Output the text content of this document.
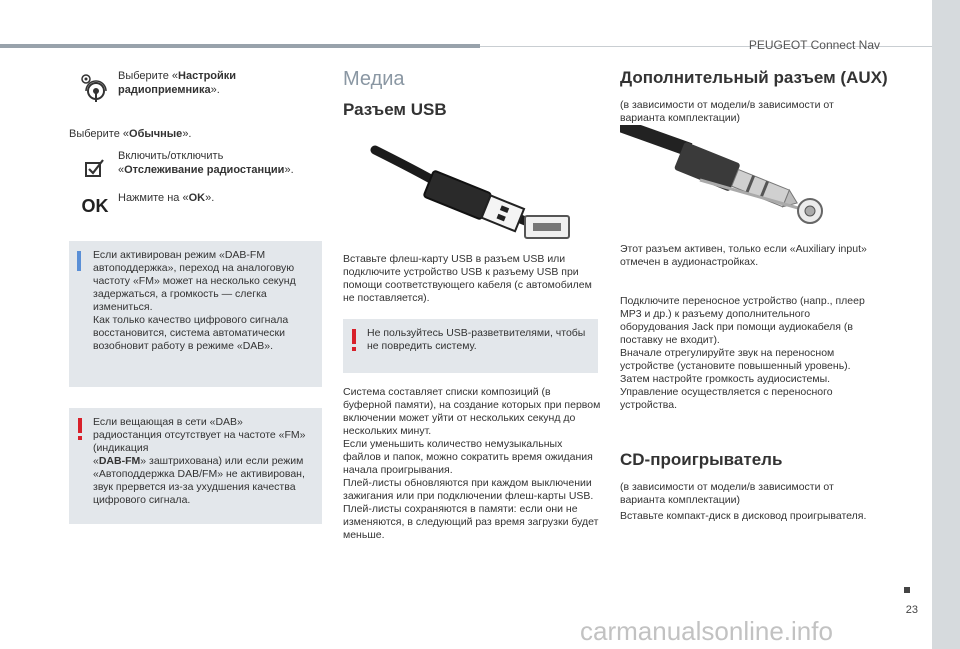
PEUGEOT Connect Nav
Выберите «Настройки радиоприемника».
Выберите «Обычные».
Включить/отключить «Отслеживание радиостанции».
OK Нажмите на «OK».

Если активирован режим «DAB-FM автоподдержка», переход на аналоговую частоту «FM» может на несколько секунд задержаться, а громкость — слегка измениться.
Как только качество цифрового сигнала восстановится, система автоматически возобновит работу в режиме «DAB».

Если вещающая в сети «DAB» радиостанция отсутствует на частоте «FM» (индикация
«DAB-FM» заштрихована) или если режим «Автоподдержка DAB/FM» не активирован, звук прервется из-за ухудшения качества цифрового сигнала.

Медиа
Разъем USB

Вставьте флеш-карту USB в разъем USB или подключите устройство USB к разъему USB при помощи соответствующего кабеля (с автомобилем не поставляется).

Не пользуйтесь USB-разветвителями, чтобы не повредить систему.

Система составляет списки композиций (в буферной памяти), на создание которых при первом включении может уйти от нескольких секунд до нескольких минут.
Если уменьшить количество немузыкальных файлов и папок, можно сократить время ожидания начала проигрывания.
Плей-листы обновляются при каждом выключении зажигания или при подключении флеш-карты USB. Плей-листы сохраняются в памяти: если они не изменяются, в следующий раз время загрузки будет меньше.

Дополнительный разъем (AUX)

(в зависимости от модели/в зависимости от варианта комплектации)

Этот разъем активен, только если «Auxiliary input» отмечен в аудионастройках.

Подключите переносное устройство (напр., плеер MP3 и др.) к разъему дополнительного оборудования Jack при помощи аудиокабеля (в поставку не входит).
Вначале отрегулируйте звук на переносном устройстве (установите повышенный уровень).
Затем настройте громкость аудиосистемы.
Управление осуществляется с переносного устройства.

CD-проигрыватель

(в зависимости от модели/в зависимости от варианта комплектации)

Вставьте компакт-диск в дисковод проигрывателя.

23
carmanualsonline.info
